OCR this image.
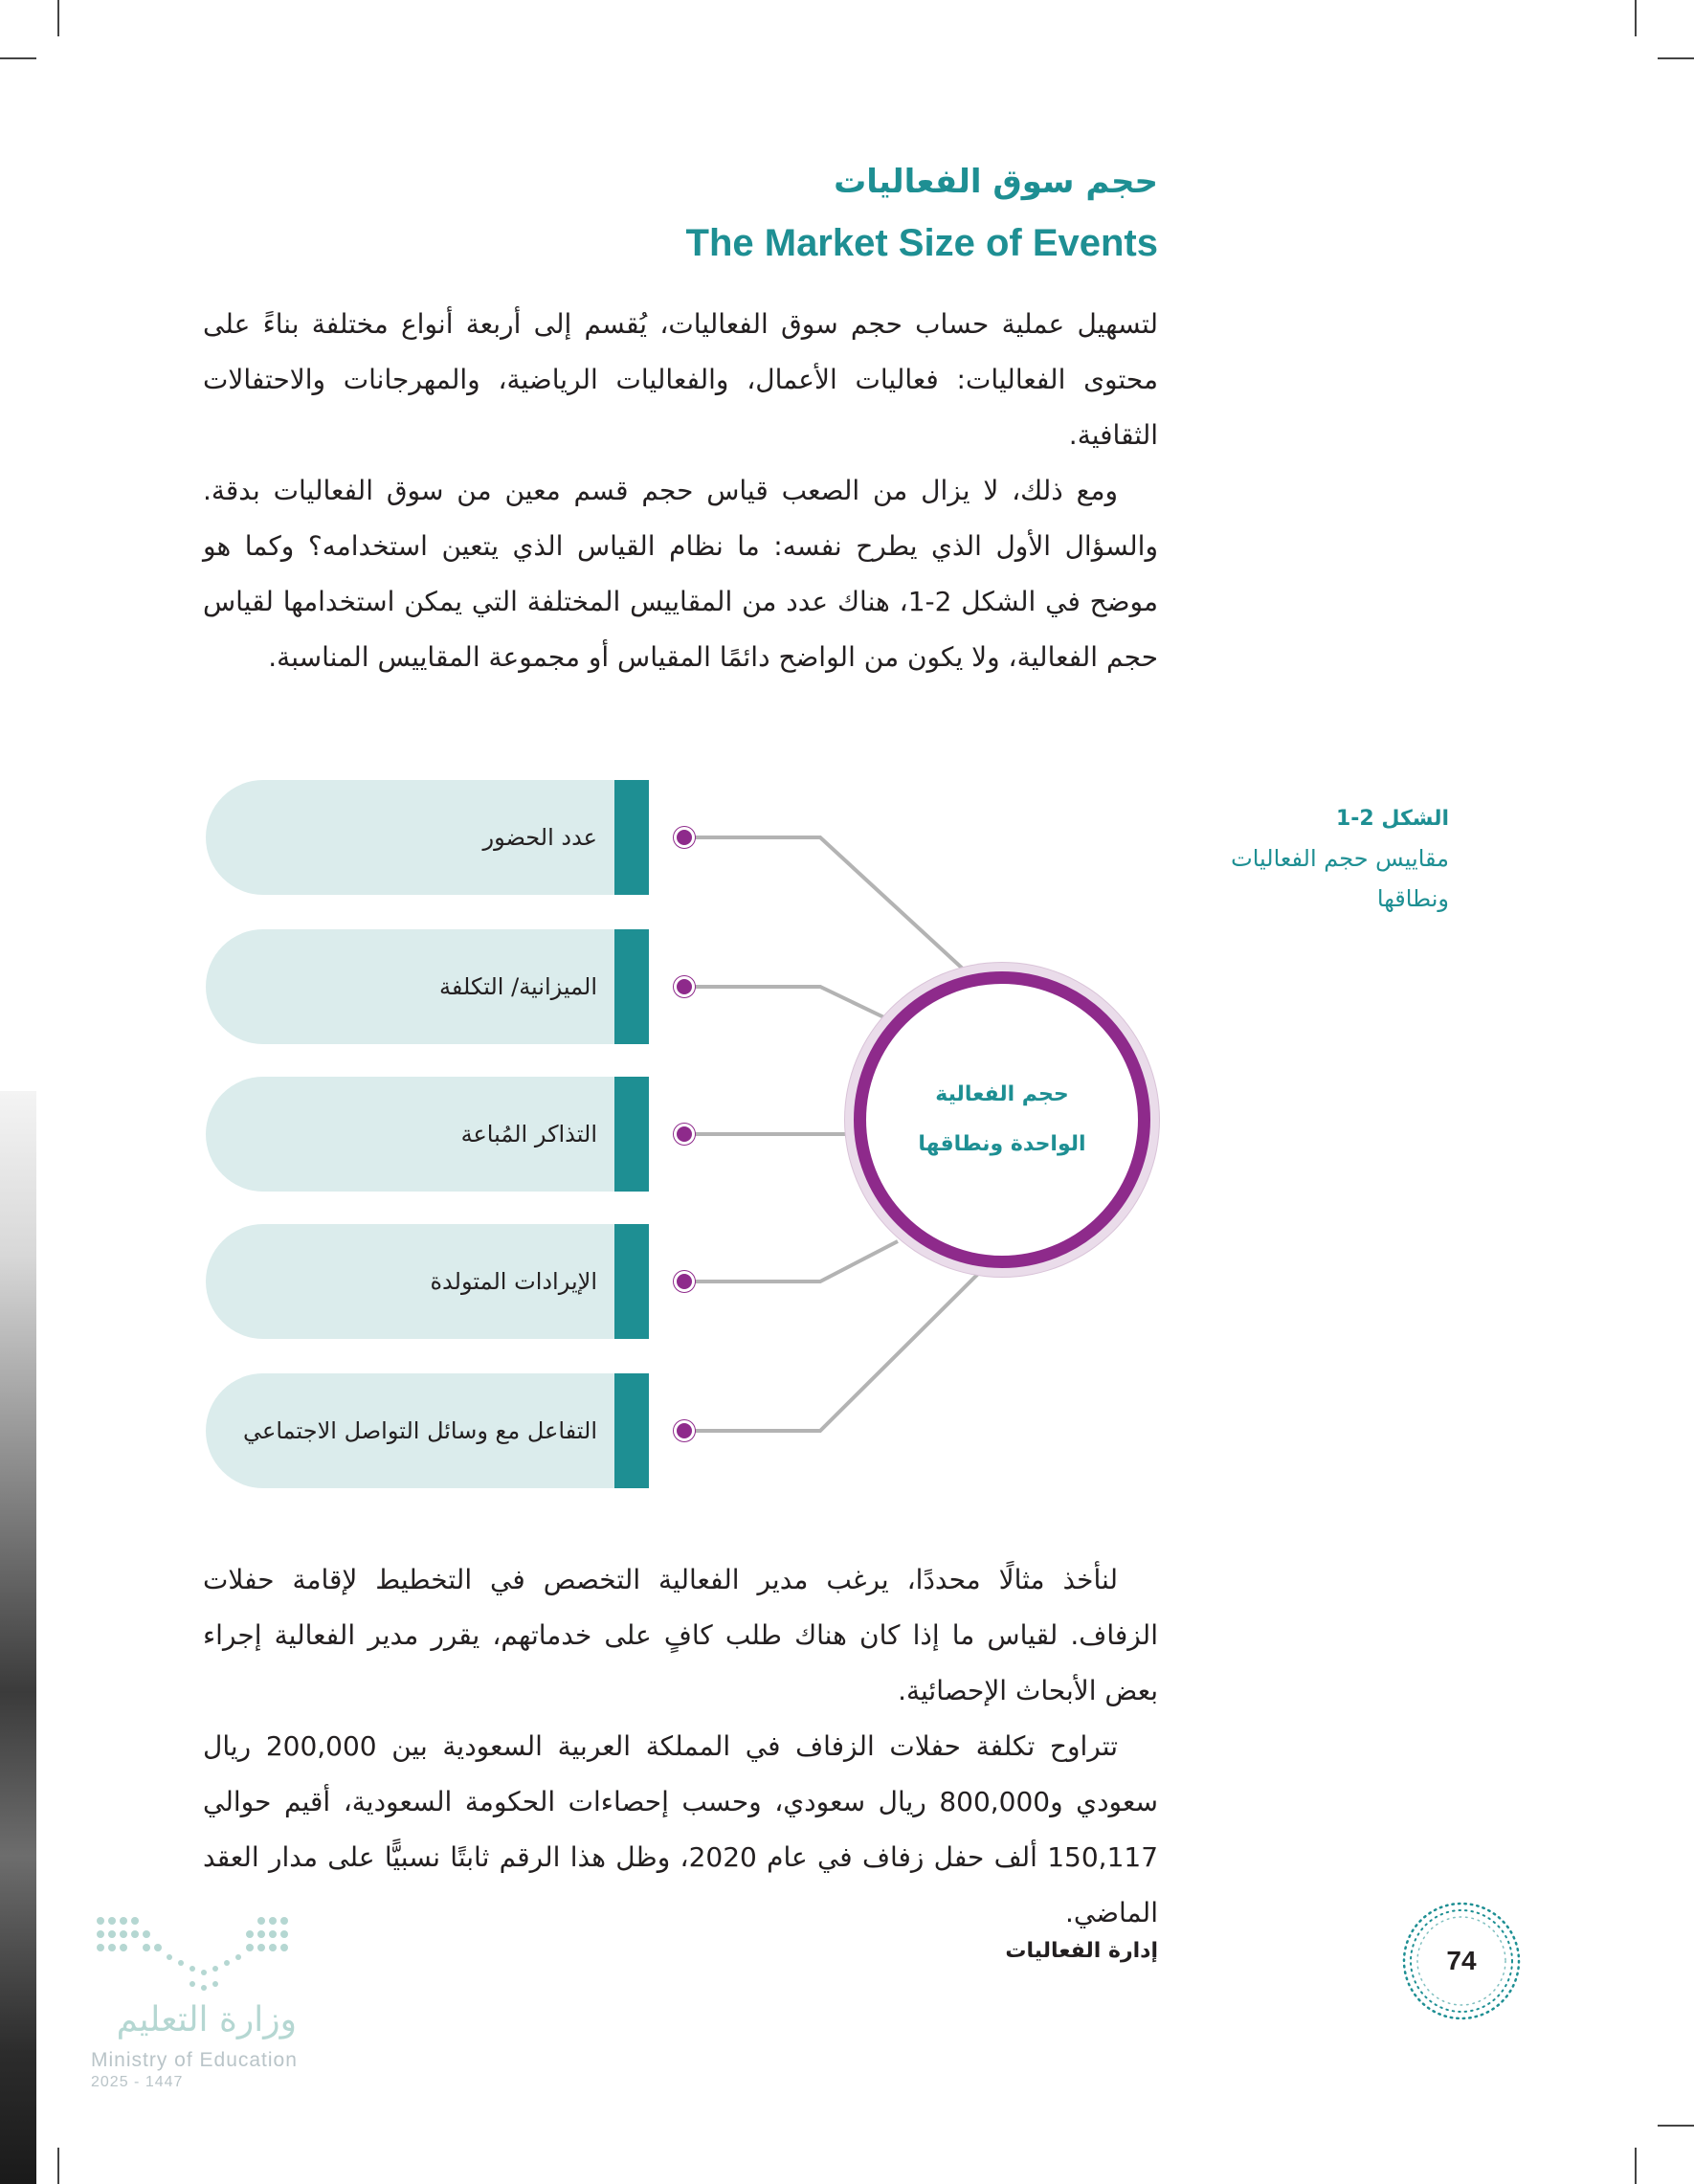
حجم سوق الفعاليات
The Market Size of Events

لتسهيل عملية حساب حجم سوق الفعاليات، يُقسم إلى أربعة أنواع مختلفة بناءً على محتوى الفعاليات: فعاليات الأعمال، والفعاليات الرياضية، والمهرجانات والاحتفالات الثقافية.

ومع ذلك، لا يزال من الصعب قياس حجم قسم معين من سوق الفعاليات بدقة. والسؤال الأول الذي يطرح نفسه: ما نظام القياس الذي يتعين استخدامه؟ وكما هو موضح في الشكل 2-1، هناك عدد من المقاييس المختلفة التي يمكن استخدامها لقياس حجم الفعالية، ولا يكون من الواضح دائمًا المقياس أو مجموعة المقاييس المناسبة.

الشكل 2-1
مقاييس حجم الفعاليات ونطاقها
عدد الحضور
الميزانية/ التكلفة
التذاكر المُباعة
الإيرادات المتولدة
التفاعل مع وسائل التواصل الاجتماعي
حجم الفعالية
الواحدة ونطاقها

لنأخذ مثالًا محددًا، يرغب مدير الفعالية التخصص في التخطيط لإقامة حفلات الزفاف. لقياس ما إذا كان هناك طلب كافٍ على خدماتهم، يقرر مدير الفعالية إجراء بعض الأبحاث الإحصائية.

تتراوح تكلفة حفلات الزفاف في المملكة العربية السعودية بين 200,000 ريال سعودي و800,000 ريال سعودي، وحسب إحصاءات الحكومة السعودية، أقيم حوالي 150,117 ألف حفل زفاف في عام 2020، وظل هذا الرقم ثابتًا نسبيًّا على مدار العقد الماضي.

إدارة الفعاليات	74
وزارة التعليم
Ministry of Education
2025 - 1447
